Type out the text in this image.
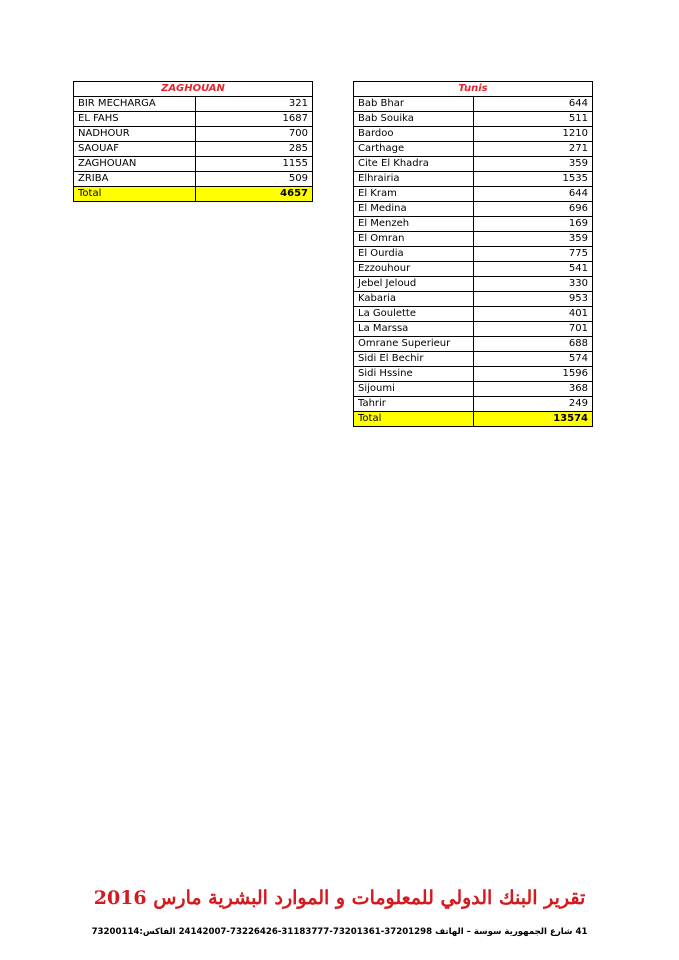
ZAGHOUAN	
BIR MECHARGA	321
EL FAHS	1687
NADHOUR	700
SAOUAF	285
ZAGHOUAN	1155
ZRIBA	509
Total	4657
Tunis	
Bab Bhar	644
Bab Souika	511
Bardoo	1210
Carthage	271
Cite El Khadra	359
Elhrairia	1535
El Kram	644
El Medina	696
El Menzeh	169
El Omran	359
El Ourdia	775
Ezzouhour	541
Jebel Jeloud	330
Kabaria	953
La Goulette	401
La Marssa	701
Omrane Superieur	688
Sidi El Bechir	574
Sidi Hssine	1596
Sijoumi	368
Tahrir	249
Total	13574
تقرير البنك الدولي للمعلومات و الموارد البشرية مارس 2016
41 شارع الجمهورية سوسة – الهاتف 37201298-73201361-31183777-73226426-24142007 الفاكس:73200114
